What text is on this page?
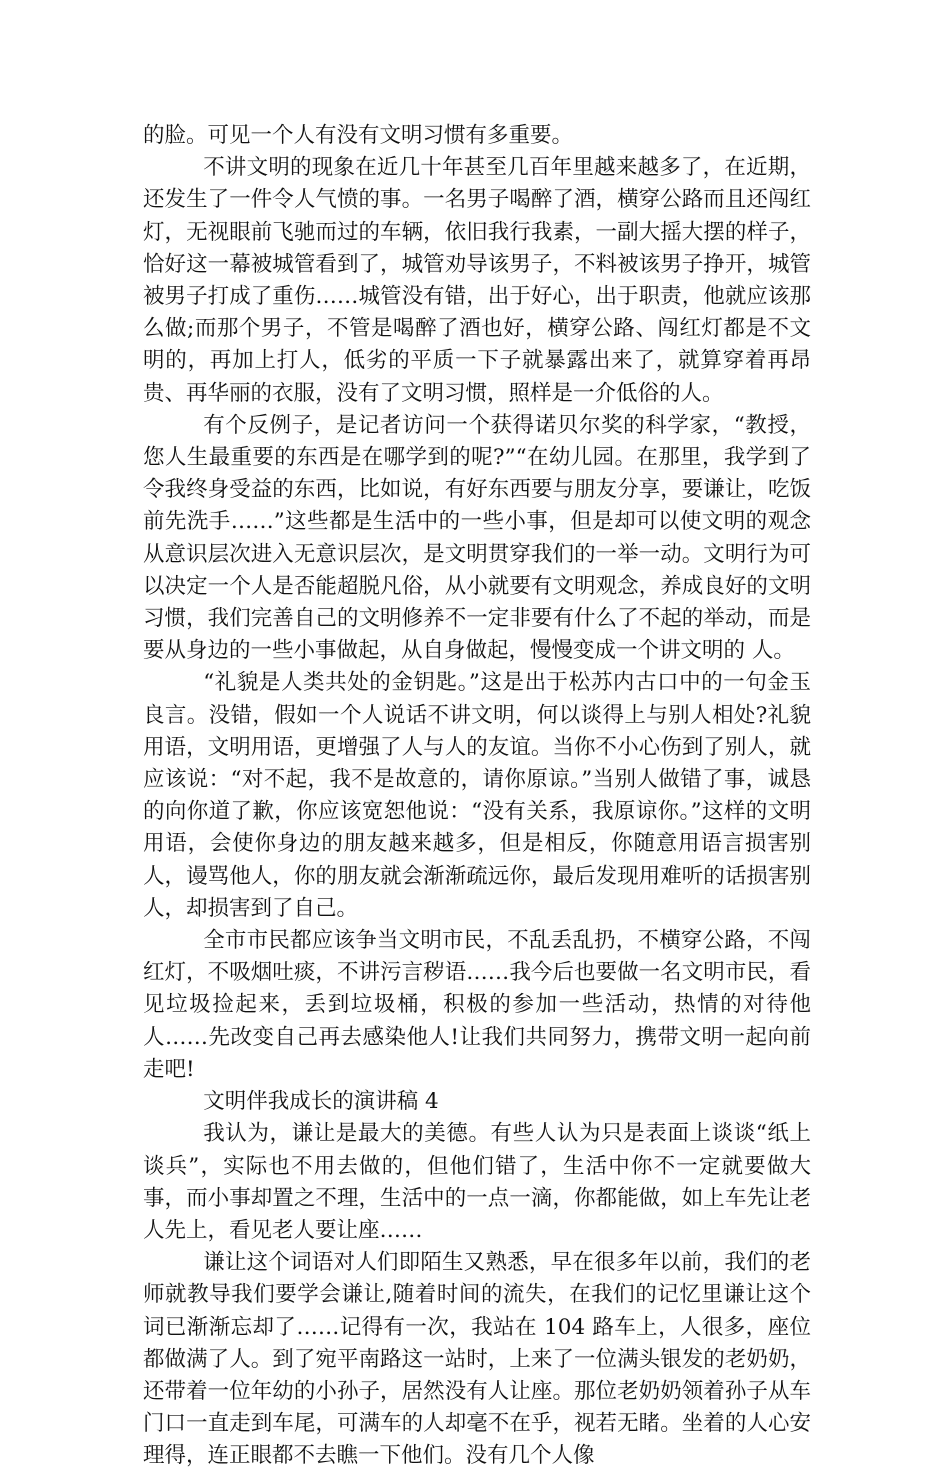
的脸。可见一个人有没有文明习惯有多重要。

不讲文明的现象在近几十年甚至几百年里越来越多了，在近期，还发生了一件令人气愤的事。一名男子喝醉了酒，横穿公路而且还闯红灯，无视眼前飞驰而过的车辆，依旧我行我素，一副大摇大摆的样子，恰好这一幕被城管看到了，城管劝导该男子，不料被该男子挣开，城管被男子打成了重伤……城管没有错，出于好心，出于职责，他就应该那么做;而那个男子，不管是喝醉了酒也好，横穿公路、闯红灯都是不文明的，再加上打人，低劣的平质一下子就暴露出来了，就算穿着再昂贵、再华丽的衣服，没有了文明习惯，照样是一介低俗的人。

有个反例子，是记者访问一个获得诺贝尔奖的科学家，“教授，您人生最重要的东西是在哪学到的呢?”“在幼儿园。在那里，我学到了令我终身受益的东西，比如说，有好东西要与朋友分享，要谦让，吃饭前先洗手……”这些都是生活中的一些小事，但是却可以使文明的观念从意识层次进入无意识层次，是文明贯穿我们的一举一动。文明行为可以决定一个人是否能超脱凡俗，从小就要有文明观念，养成良好的文明习惯，我们完善自己的文明修养不一定非要有什么了不起的举动，而是要从身边的一些小事做起，从自身做起，慢慢变成一个讲文明的 人。

“礼貌是人类共处的金钥匙。”这是出于松苏内古口中的一句金玉良言。没错，假如一个人说话不讲文明，何以谈得上与别人相处?礼貌用语，文明用语，更增强了人与人的友谊。当你不小心伤到了别人，就应该说：“对不起，我不是故意的，请你原谅。”当别人做错了事，诚恳的向你道了歉，你应该宽恕他说：“没有关系，我原谅你。”这样的文明用语，会使你身边的朋友越来越多，但是相反，你随意用语言损害别人，谩骂他人，你的朋友就会渐渐疏远你，最后发现用难听的话损害别人，却损害到了自己。

全市市民都应该争当文明市民，不乱丢乱扔，不横穿公路，不闯红灯，不吸烟吐痰，不讲污言秽语……我今后也要做一名文明市民，看见垃圾捡起来，丢到垃圾桶，积极的参加一些活动，热情的对待他人……先改变自己再去感染他人!让我们共同努力，携带文明一起向前走吧!

文明伴我成长的演讲稿 4

我认为，谦让是最大的美德。有些人认为只是表面上谈谈“纸上谈兵”，实际也不用去做的，但他们错了，生活中你不一定就要做大事，而小事却置之不理，生活中的一点一滴，你都能做，如上车先让老人先上，看见老人要让座……

谦让这个词语对人们即陌生又熟悉，早在很多年以前，我们的老师就教导我们要学会谦让,随着时间的流失，在我们的记忆里谦让这个词已渐渐忘却了……记得有一次，我站在 104 路车上，人很多，座位都做满了人。到了宛平南路这一站时，上来了一位满头银发的老奶奶，还带着一位年幼的小孙子，居然没有人让座。那位老奶奶领着孙子从车门口一直走到车尾，可满车的人却毫不在乎，视若无睹。坐着的人心安理得，连正眼都不去瞧一下他们。没有几个人像
